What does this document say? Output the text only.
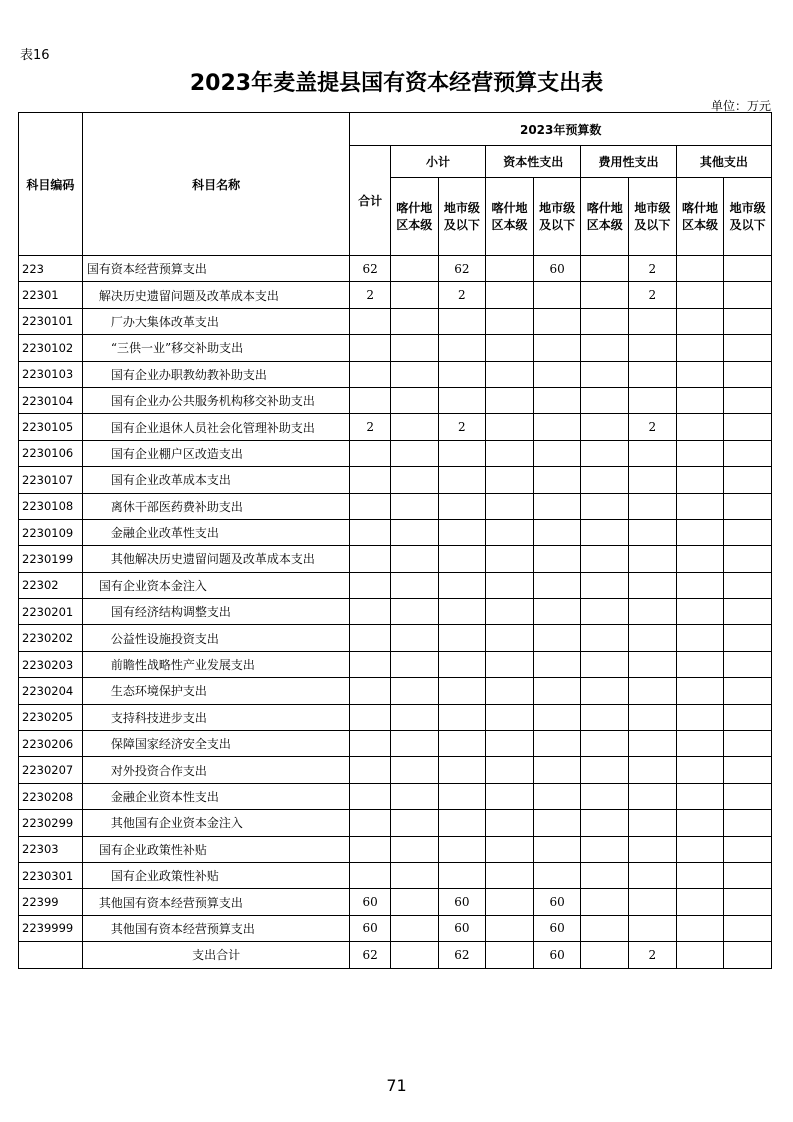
表16
2023年麦盖提县国有资本经营预算支出表
单位：万元
科目编码	科目名称	2023年预算数								
		合计	小计		资本性支出		费用性支出		其他支出	
			喀什地区本级	地市级及以下	喀什地区本级	地市级及以下	喀什地区本级	地市级及以下	喀什地区本级	地市级及以下
223	国有资本经营预算支出	62		62		60		2		
22301	解决历史遗留问题及改革成本支出	2		2				2		
2230101	厂办大集体改革支出									
2230102	“三供一业”移交补助支出									
2230103	国有企业办职教幼教补助支出									
2230104	国有企业办公共服务机构移交补助支出									
2230105	国有企业退休人员社会化管理补助支出	2		2				2		
2230106	国有企业棚户区改造支出									
2230107	国有企业改革成本支出									
2230108	离休干部医药费补助支出									
2230109	金融企业改革性支出									
2230199	其他解决历史遗留问题及改革成本支出									
22302	国有企业资本金注入									
2230201	国有经济结构调整支出									
2230202	公益性设施投资支出									
2230203	前瞻性战略性产业发展支出									
2230204	生态环境保护支出									
2230205	支持科技进步支出									
2230206	保障国家经济安全支出									
2230207	对外投资合作支出									
2230208	金融企业资本性支出									
2230299	其他国有企业资本金注入									
22303	国有企业政策性补贴									
2230301	国有企业政策性补贴									
22399	其他国有资本经营预算支出	60		60		60				
2239999	其他国有资本经营预算支出	60		60		60				
	支出合计	62		62		60		2		
71
